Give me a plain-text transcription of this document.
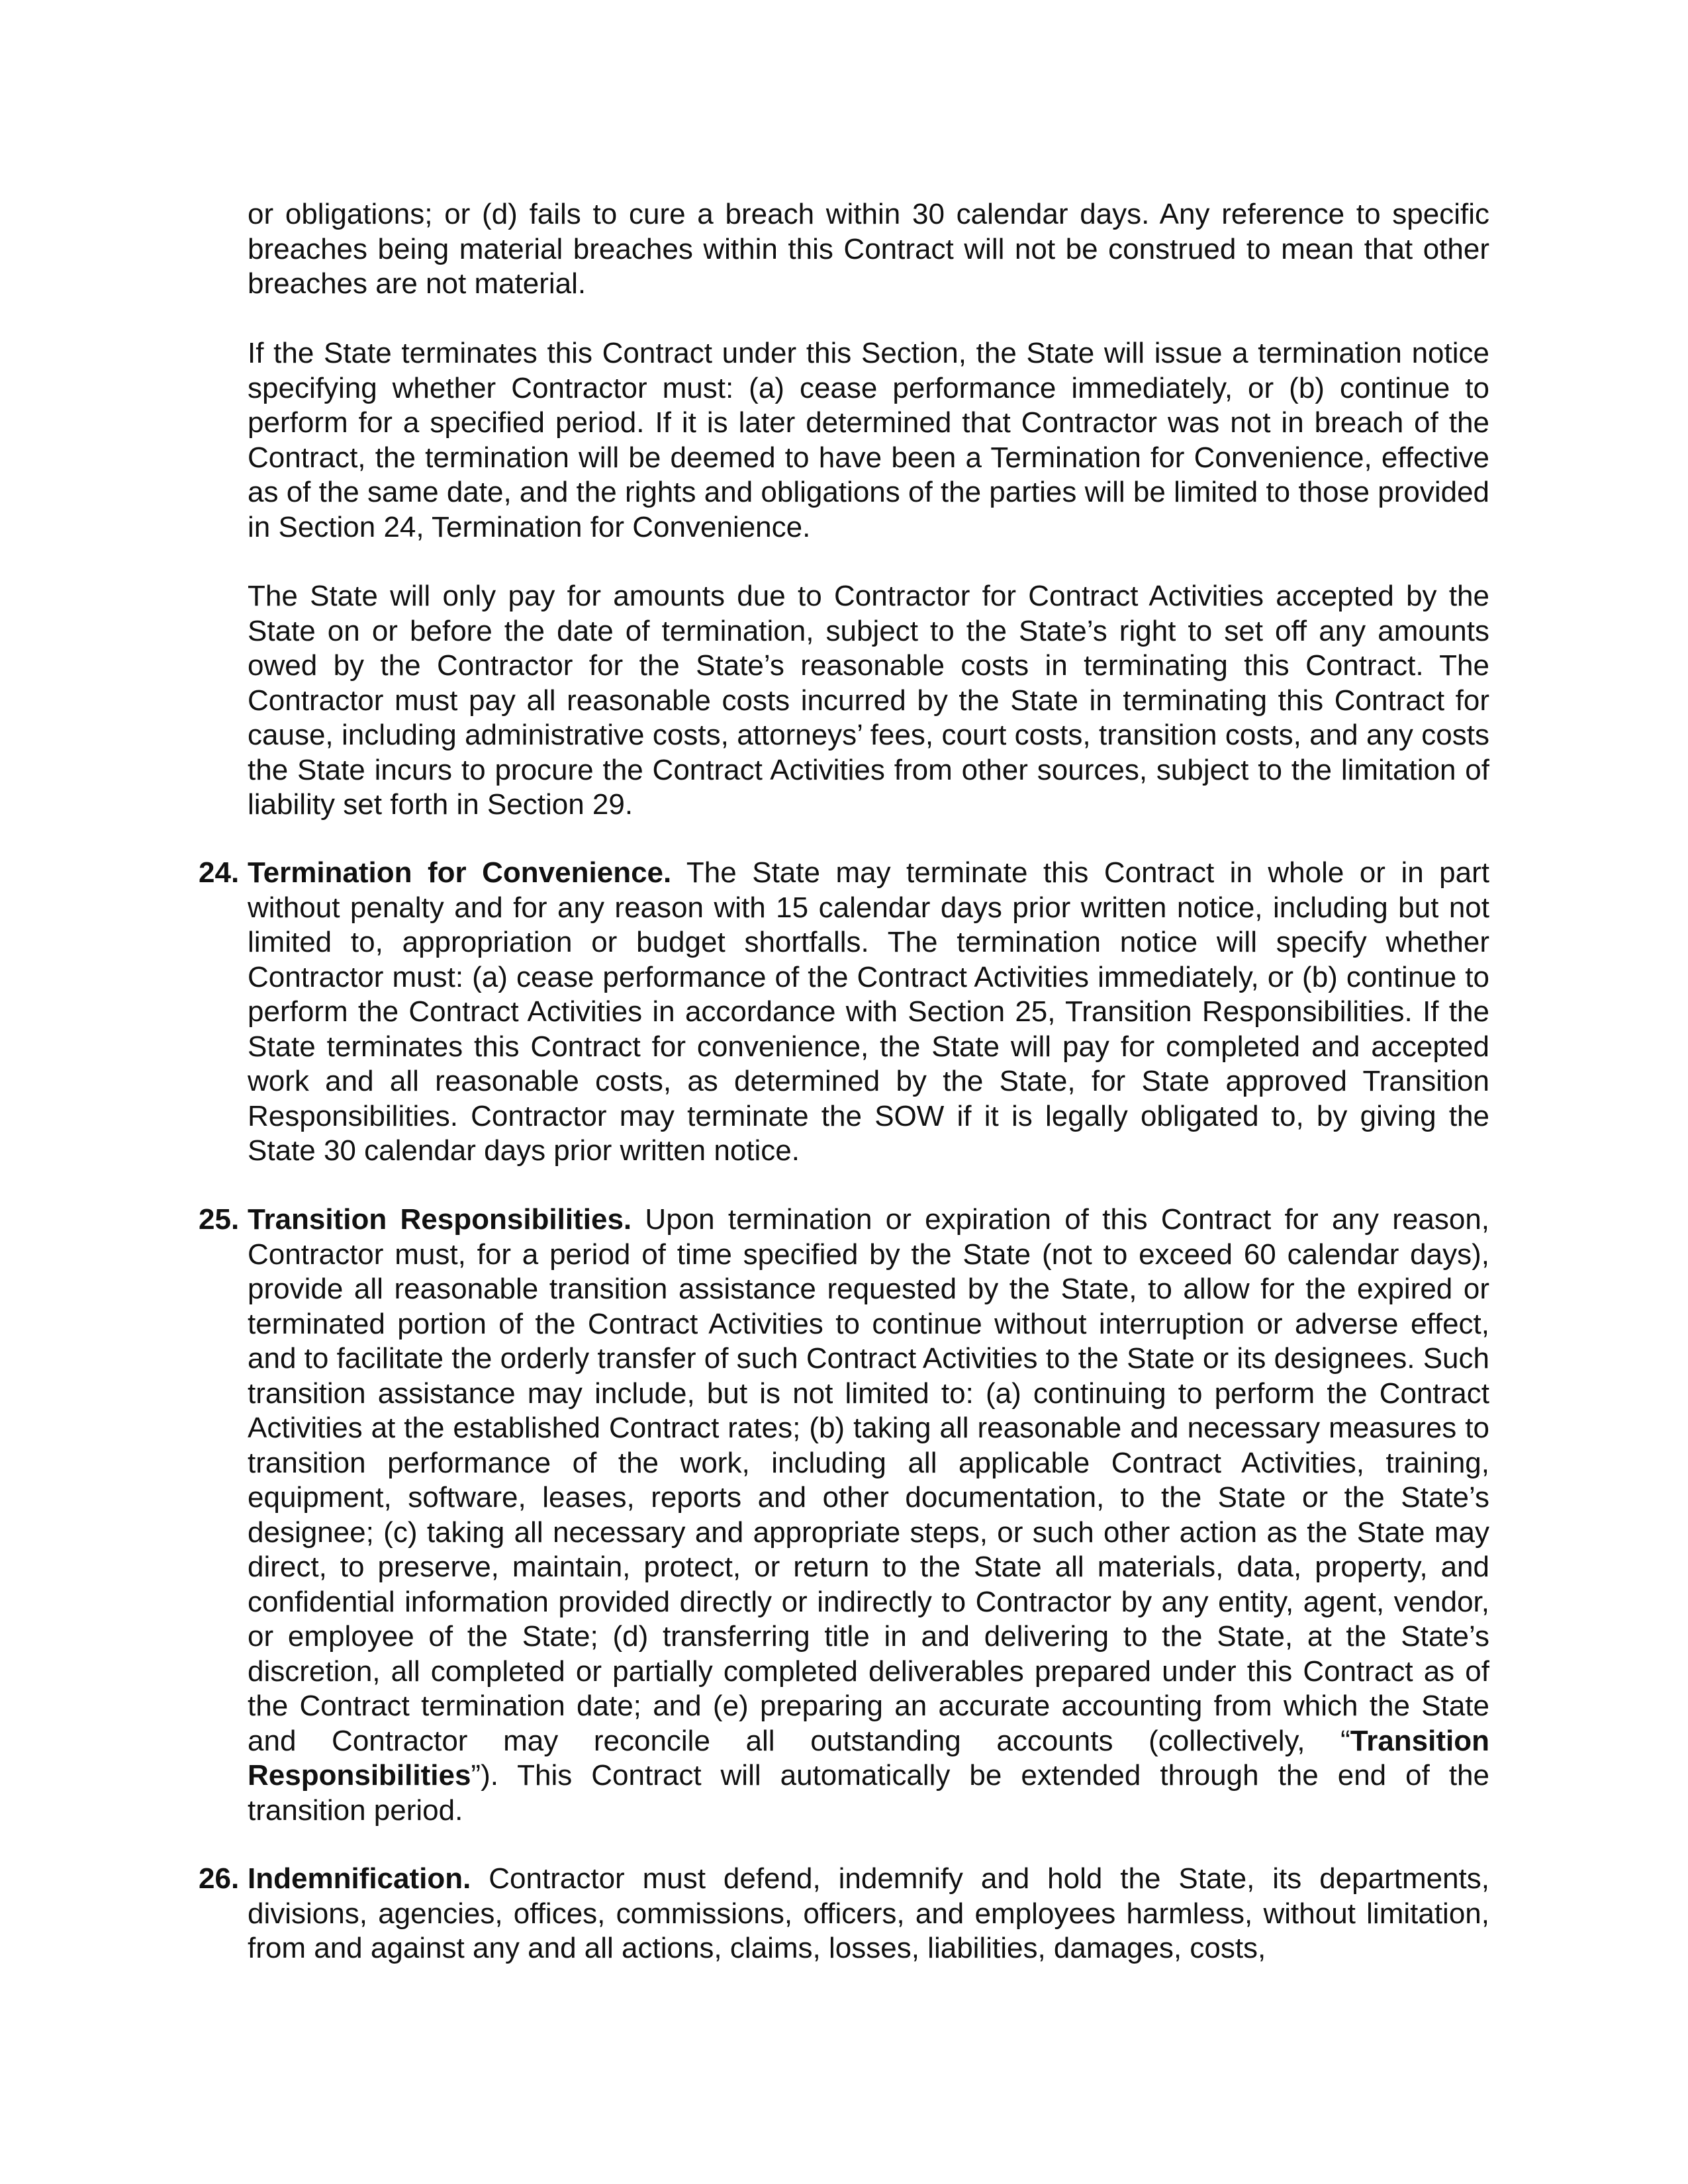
or obligations; or (d) fails to cure a breach within 30 calendar days. Any reference to specific breaches being material breaches within this Contract will not be construed to mean that other breaches are not material.

If the State terminates this Contract under this Section, the State will issue a termination notice specifying whether Contractor must: (a) cease performance immediately, or (b) continue to perform for a specified period. If it is later determined that Contractor was not in breach of the Contract, the termination will be deemed to have been a Termination for Convenience, effective as of the same date, and the rights and obligations of the parties will be limited to those provided in Section 24, Termination for Convenience.

The State will only pay for amounts due to Contractor for Contract Activities accepted by the State on or before the date of termination, subject to the State’s right to set off any amounts owed by the Contractor for the State’s reasonable costs in terminating this Contract. The Contractor must pay all reasonable costs incurred by the State in terminating this Contract for cause, including administrative costs, attorneys’ fees, court costs, transition costs, and any costs the State incurs to procure the Contract Activities from other sources, subject to the limitation of liability set forth in Section 29.

24. Termination for Convenience. The State may terminate this Contract in whole or in part without penalty and for any reason with 15 calendar days prior written notice, including but not limited to, appropriation or budget shortfalls. The termination notice will specify whether Contractor must: (a) cease performance of the Contract Activities immediately, or (b) continue to perform the Contract Activities in accordance with Section 25, Transition Responsibilities. If the State terminates this Contract for convenience, the State will pay for completed and accepted work and all reasonable costs, as determined by the State, for State approved Transition Responsibilities. Contractor may terminate the SOW if it is legally obligated to, by giving the State 30 calendar days prior written notice.

25. Transition Responsibilities. Upon termination or expiration of this Contract for any reason, Contractor must, for a period of time specified by the State (not to exceed 60 calendar days), provide all reasonable transition assistance requested by the State, to allow for the expired or terminated portion of the Contract Activities to continue without interruption or adverse effect, and to facilitate the orderly transfer of such Contract Activities to the State or its designees. Such transition assistance may include, but is not limited to: (a) continuing to perform the Contract Activities at the established Contract rates; (b) taking all reasonable and necessary measures to transition performance of the work, including all applicable Contract Activities, training, equipment, software, leases, reports and other documentation, to the State or the State’s designee; (c) taking all necessary and appropriate steps, or such other action as the State may direct, to preserve, maintain, protect, or return to the State all materials, data, property, and confidential information provided directly or indirectly to Contractor by any entity, agent, vendor, or employee of the State; (d) transferring title in and delivering to the State, at the State’s discretion, all completed or partially completed deliverables prepared under this Contract as of the Contract termination date; and (e) preparing an accurate accounting from which the State and Contractor may reconcile all outstanding accounts (collectively, “Transition Responsibilities”). This Contract will automatically be extended through the end of the transition period.

26. Indemnification. Contractor must defend, indemnify and hold the State, its departments, divisions, agencies, offices, commissions, officers, and employees harmless, without limitation, from and against any and all actions, claims, losses, liabilities, damages, costs,
